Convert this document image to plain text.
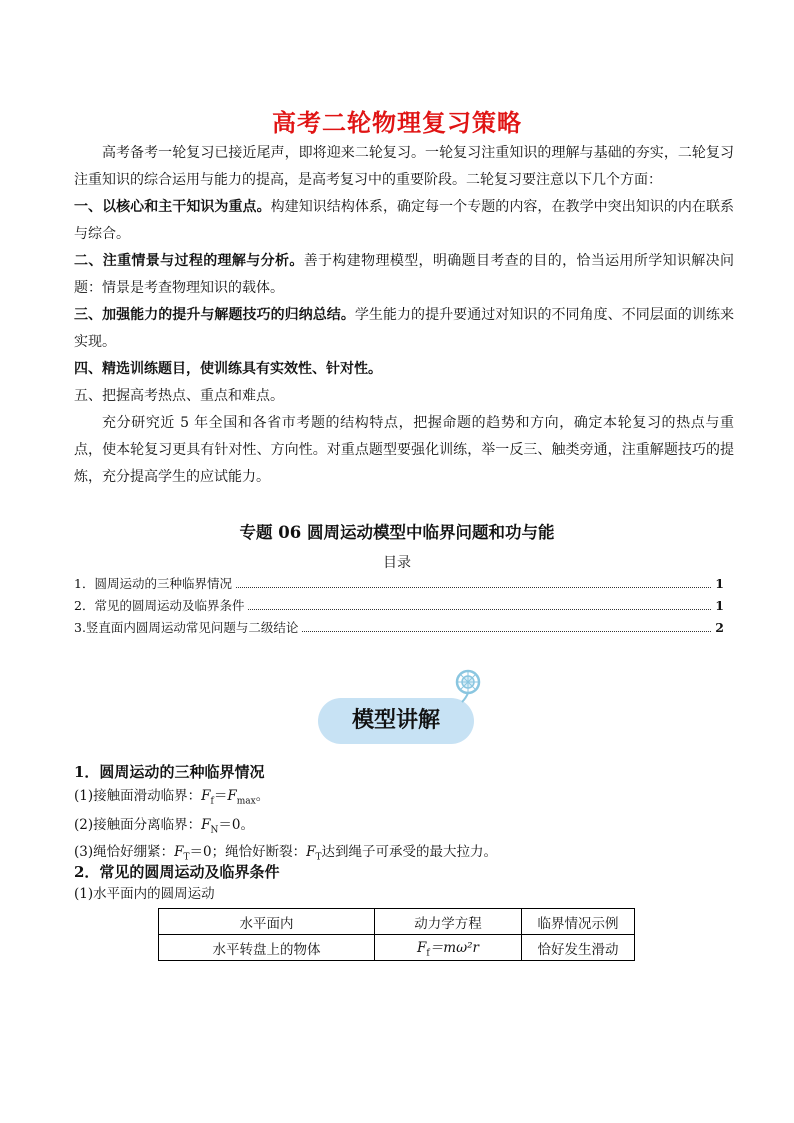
高考二轮物理复习策略

高考备考一轮复习已接近尾声，即将迎来二轮复习。一轮复习注重知识的理解与基础的夯实，二轮复习注重知识的综合运用与能力的提高，是高考复习中的重要阶段。二轮复习要注意以下几个方面：

一、以核心和主干知识为重点。构建知识结构体系，确定每一个专题的内容，在教学中突出知识的内在联系与综合。

二、注重情景与过程的理解与分析。善于构建物理模型，明确题目考查的目的，恰当运用所学知识解决问题：情景是考查物理知识的载体。

三、加强能力的提升与解题技巧的归纳总结。学生能力的提升要通过对知识的不同角度、不同层面的训练来实现。

四、精选训练题目，使训练具有实效性、针对性。

五、把握高考热点、重点和难点。

充分研究近 5 年全国和各省市考题的结构特点，把握命题的趋势和方向，确定本轮复习的热点与重点，使本轮复习更具有针对性、方向性。对重点题型要强化训练，举一反三、触类旁通，注重解题技巧的提炼，充分提高学生的应试能力。

专题 06 圆周运动模型中临界问题和功与能
目录
1．圆周运动的三种临界情况	1
2．常见的圆周运动及临界条件	1
3.竖直面内圆周运动常见问题与二级结论	2
模型讲解
1．圆周运动的三种临界情况
(1)接触面滑动临界：$F_f=F_{max}$。
(2)接触面分离临界：$F_N=0$。
(3)绳恰好绷紧：$F_T=0$；绳恰好断裂：$F_T$达到绳子可承受的最大拉力。
2．常见的圆周运动及临界条件
(1)水平面内的圆周运动
水平面内	动力学方程	临界情况示例
水平转盘上的物体	$F_f=m\omega^2r$	恰好发生滑动
